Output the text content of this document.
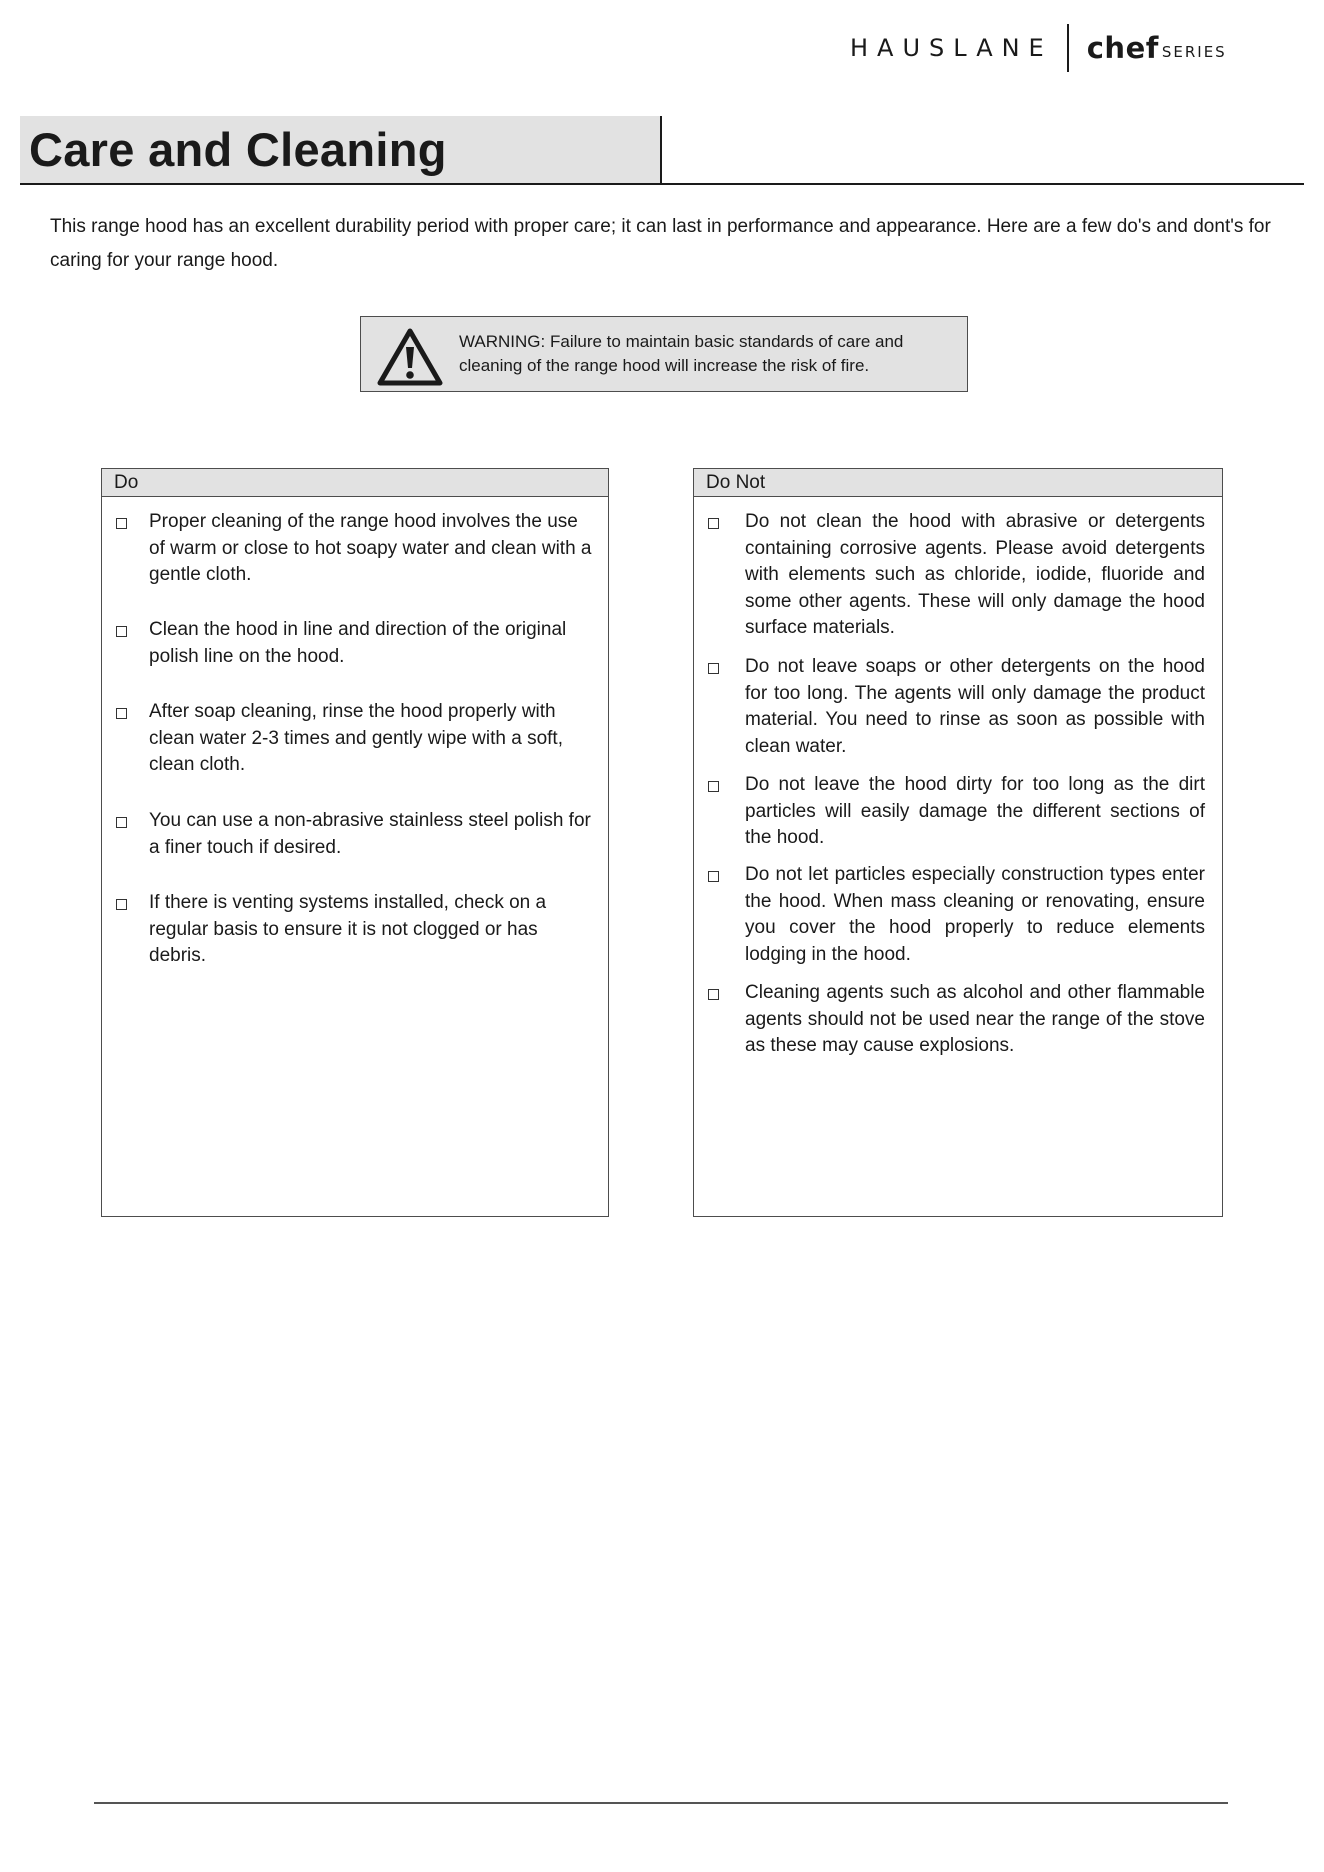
HAUSLANE chef SERIES
Care and Cleaning

This range hood has an excellent durability period with proper care; it can last in performance and appearance. Here are a few do's and dont's for caring for your range hood.

WARNING: Failure to maintain basic standards of care and cleaning of the range hood will increase the risk of fire.
Do
Proper cleaning of the range hood involves the use of warm or close to hot soapy water and clean with a gentle cloth.
Clean the hood in line and direction of the original polish line on the hood.
After soap cleaning, rinse the hood properly with clean water 2-3 times and gently wipe with a soft, clean cloth.
You can use a non-abrasive stainless steel polish for a finer touch if desired.
If there is venting systems installed, check on a regular basis to ensure it is not clogged or has debris.
Do Not
Do not clean the hood with abrasive or detergents containing corrosive agents. Please avoid detergents with elements such as chloride, iodide, fluoride and some other agents. These will only damage the hood surface materials.
Do not leave soaps or other detergents on the hood for too long. The agents will only damage the product material. You need to rinse as soon as possible with clean water.
Do not leave the hood dirty for too long as the dirt particles will easily damage the different sections of the hood.
Do not let particles especially construction types enter the hood. When mass cleaning or renovating, ensure you cover the hood properly to reduce elements lodging in the hood.
Cleaning agents such as alcohol and other flammable agents should not be used near the range of the stove as these may cause explosions.
